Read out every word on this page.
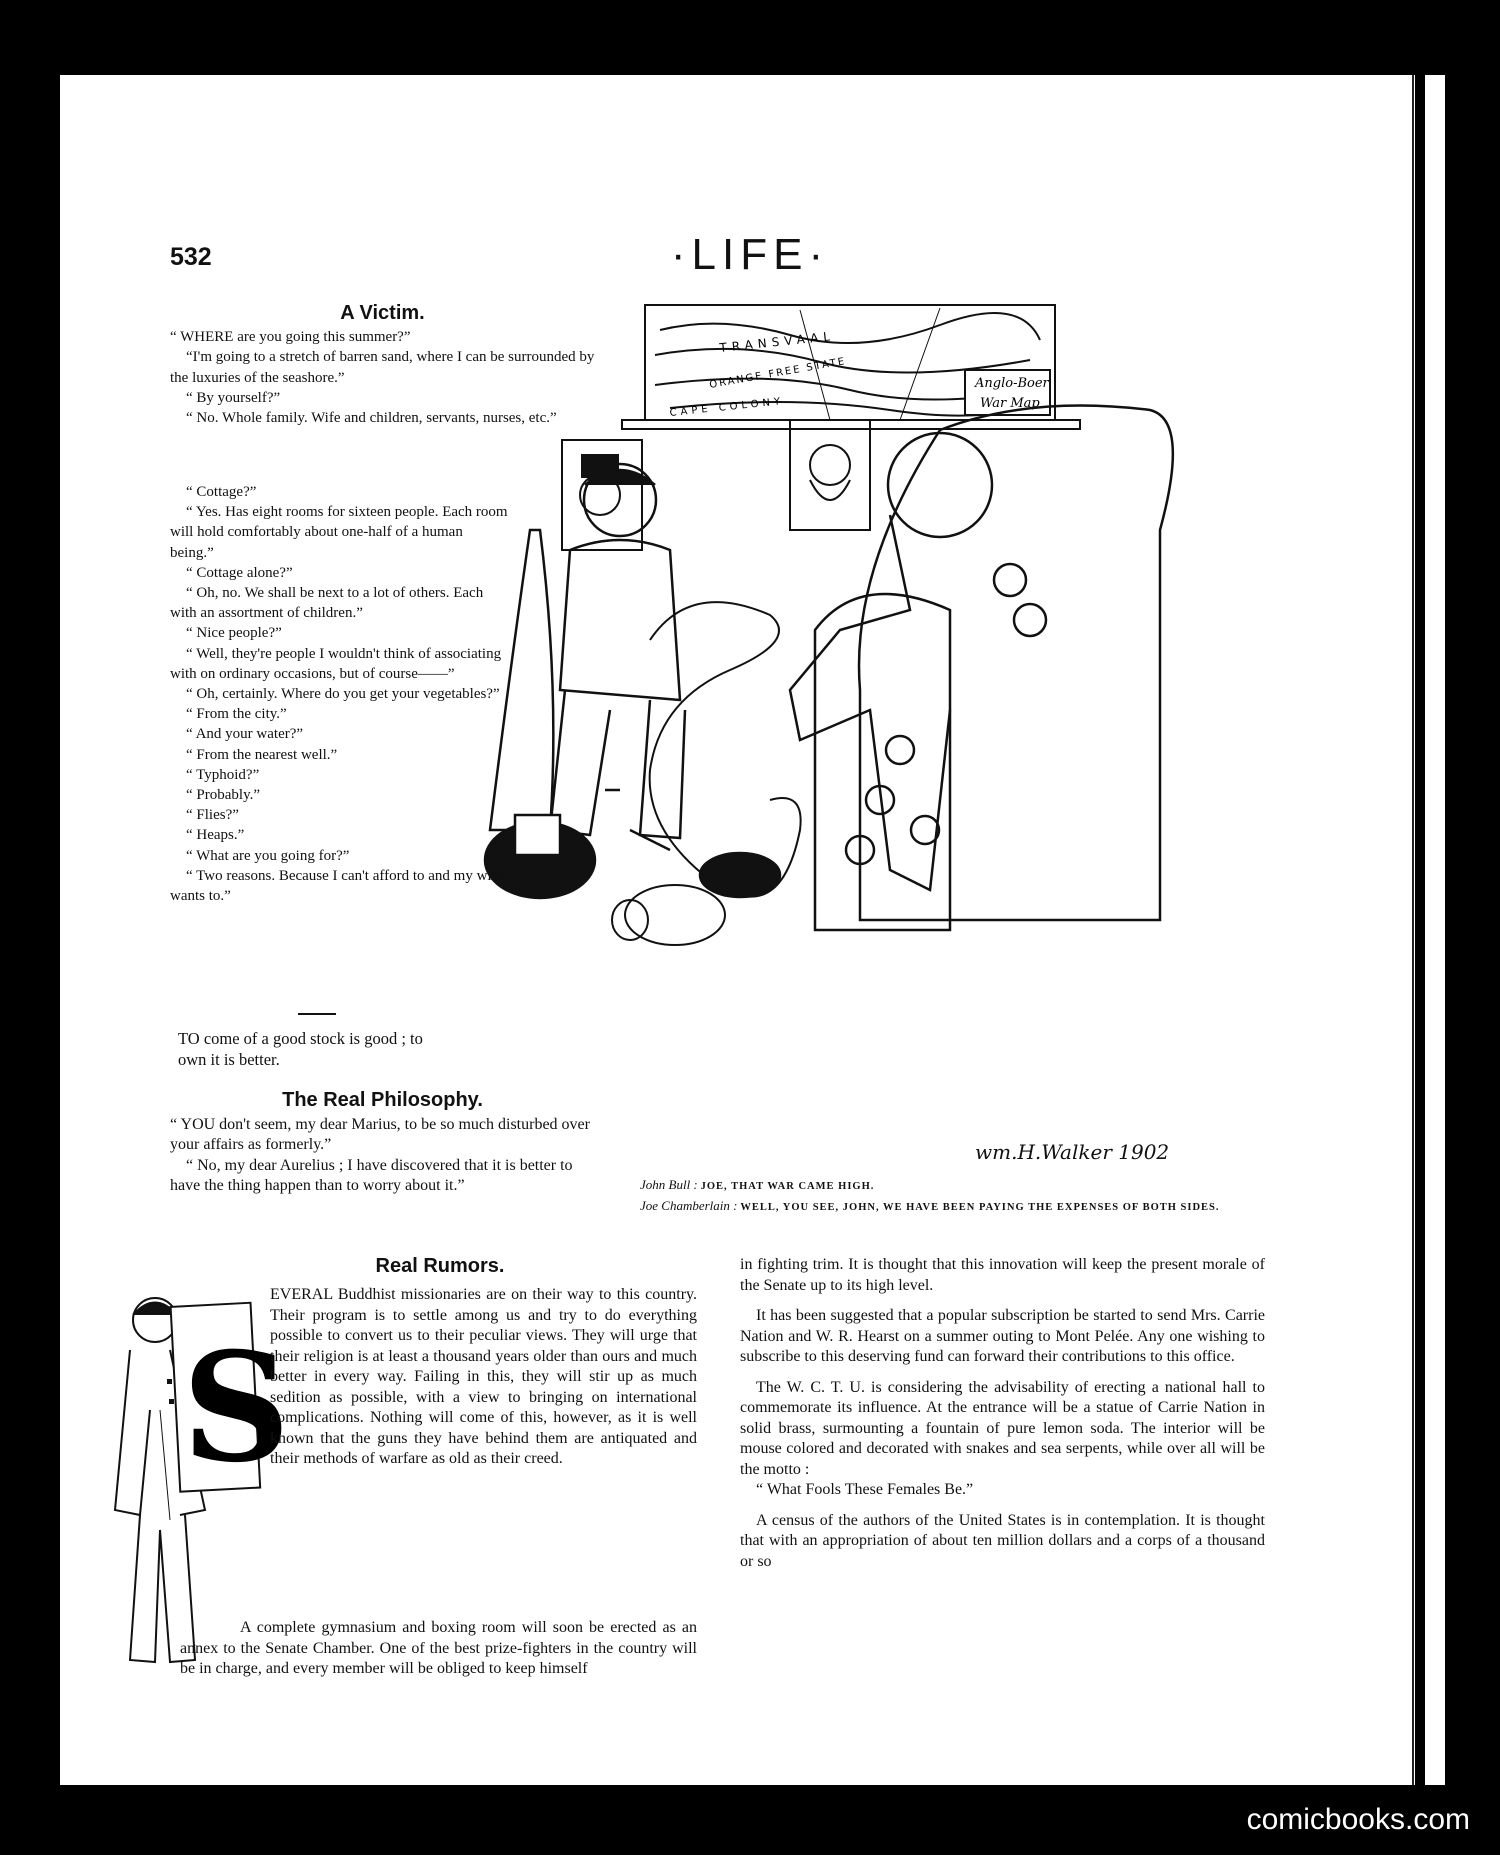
532	·LIFE·
Anglo-Boer
War Map
TRANSVAAL
ORANGE FREE STATE
CAPE COLONY
wm.H.Walker 1902
A Victim.

“ WHERE are you going this summer?”

“I'm going to a stretch of barren sand, where I can be surrounded by the luxuries of the seashore.”

“ By yourself?”

“ No. Whole family. Wife and children, servants, nurses, etc.”

“ Cottage?”

“ Yes. Has eight rooms for sixteen people. Each room will hold comfortably about one-half of a human being.”

“ Cottage alone?”

“ Oh, no. We shall be next to a lot of others. Each with an assortment of children.”

“ Nice people?”

“ Well, they're people I wouldn't think of associating with on ordinary occasions, but of course——”

“ Oh, certainly. Where do you get your vegetables?”

“ From the city.”

“ And your water?”

“ From the nearest well.”

“ Typhoid?”

“ Probably.”

“ Flies?”

“ Heaps.”

“ What are you going for?”

“ Two reasons. Because I can't afford to and my wife wants to.”

TO come of a good stock is good ; to own it is better.
The Real Philosophy.

“ YOU don't seem, my dear Marius, to be so much disturbed over your affairs as formerly.”

“ No, my dear Aurelius ; I have discovered that it is better to have the thing happen than to worry about it.”	John Bull : JOE, THAT WAR CAME HIGH.
Joe Chamberlain : WELL, YOU SEE, JOHN, WE HAVE BEEN PAYING THE EXPENSES OF BOTH SIDES.
Real Rumors.
S

EVERAL Buddhist missionaries are on their way to this country. Their program is to settle among us and try to do everything possible to convert us to their peculiar views. They will urge that their religion is at least a thousand years older than ours and much better in every way. Failing in this, they will stir up as much sedition as possible, with a view to bringing on international complications. Nothing will come of this, however, as it is well known that the guns they have behind them are antiquated and their methods of warfare as old as their creed.

A complete gymnasium and boxing room will soon be erected as an annex to the Senate Chamber. One of the best prize-fighters in the country will be in charge, and every member will be obliged to keep himself

in fighting trim. It is thought that this innovation will keep the present morale of the Senate up to its high level.

It has been suggested that a popular subscription be started to send Mrs. Carrie Nation and W. R. Hearst on a summer outing to Mont Pelée. Any one wishing to subscribe to this deserving fund can forward their contributions to this office.

The W. C. T. U. is considering the advisability of erecting a national hall to commemorate its influence. At the entrance will be a statue of Carrie Nation in solid brass, surmounting a fountain of pure lemon soda. The interior will be mouse colored and decorated with snakes and sea serpents, while over all will be the motto :

“ What Fools These Females Be.”

A census of the authors of the United States is in contemplation. It is thought that with an appropriation of about ten million dollars and a corps of a thousand or so

comicbooks.com
